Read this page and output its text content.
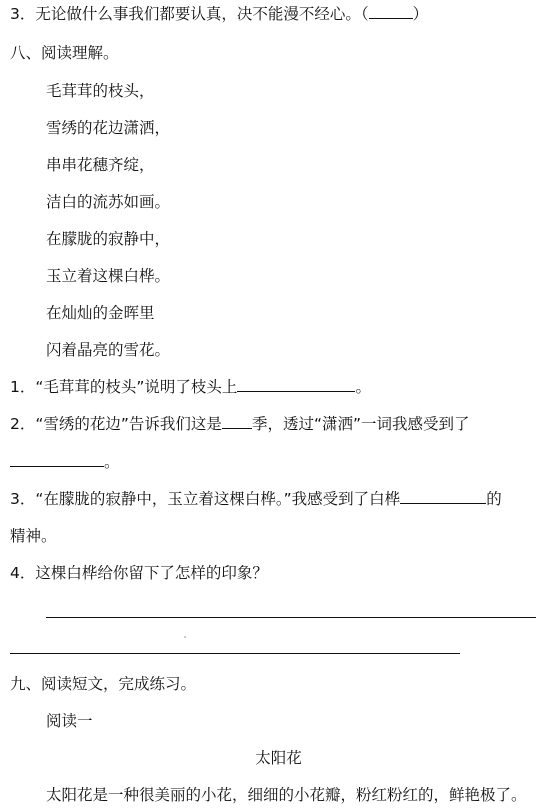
3．无论做什么事我们都要认真，决不能漫不经心。（	）
八、阅读理解。
毛茸茸的枝头，
雪绣的花边潇洒，
串串花穗齐绽，
洁白的流苏如画。
在朦胧的寂静中，
玉立着这棵白桦。
在灿灿的金晖里
闪着晶亮的雪花。
1．“毛茸茸的枝头”说明了枝头上	。
2．“雪绣的花边”告诉我们这是 季，透过“潇洒”一词我感受到了
。
3．“在朦胧的寂静中，玉立着这棵白桦。”我感受到了白桦	的
精神。
4．这棵白桦给你留下了怎样的印象？
九、阅读短文，完成练习。
阅读一
太阳花
太阳花是一种很美丽的小花，细细的小花瓣，粉红粉红的，鲜艳极了。
